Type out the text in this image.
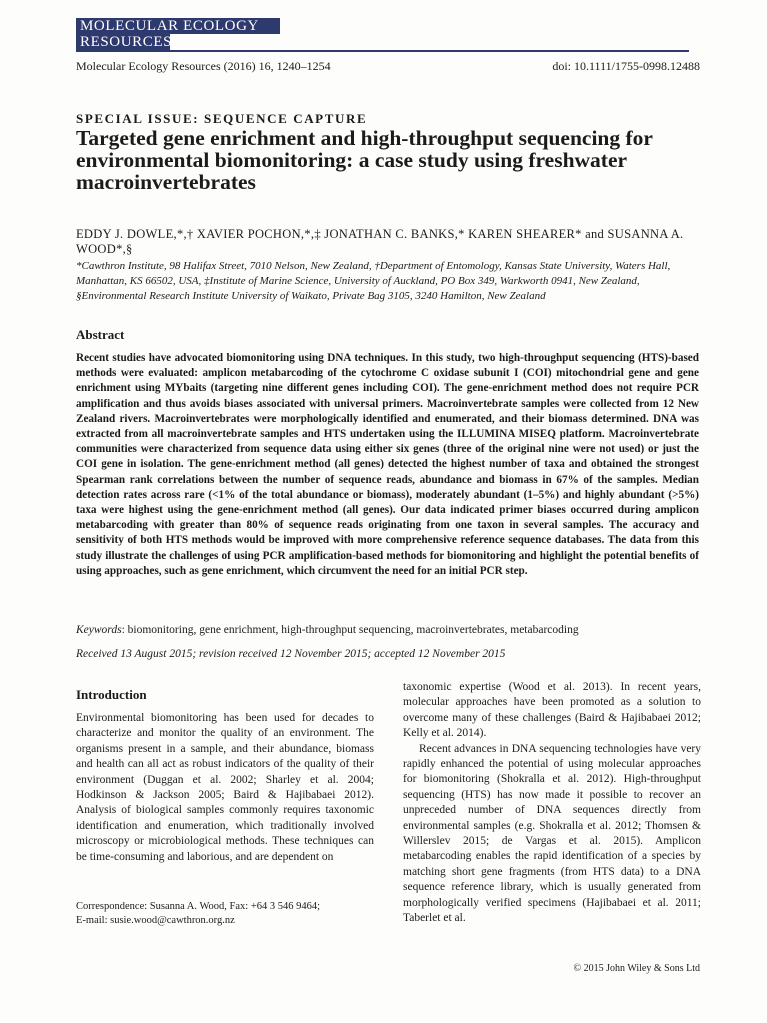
MOLECULAR ECOLOGY
RESOURCES
Molecular Ecology Resources (2016) 16, 1240–1254	doi: 10.1111/1755-0998.12488
SPECIAL ISSUE: SEQUENCE CAPTURE
Targeted gene enrichment and high-throughput sequencing for environmental biomonitoring: a case study using freshwater macroinvertebrates
EDDY J. DOWLE,*,† XAVIER POCHON,*,‡ JONATHAN C. BANKS,* KAREN SHEARER* and SUSANNA A. WOOD*,§
*Cawthron Institute, 98 Halifax Street, 7010 Nelson, New Zealand, †Department of Entomology, Kansas State University, Waters Hall, Manhattan, KS 66502, USA, ‡Institute of Marine Science, University of Auckland, PO Box 349, Warkworth 0941, New Zealand, §Environmental Research Institute University of Waikato, Private Bag 3105, 3240 Hamilton, New Zealand
Abstract

Recent studies have advocated biomonitoring using DNA techniques. In this study, two high-throughput sequencing (HTS)-based methods were evaluated: amplicon metabarcoding of the cytochrome C oxidase subunit I (COI) mitochondrial gene and gene enrichment using MYbaits (targeting nine different genes including COI). The gene-enrichment method does not require PCR amplification and thus avoids biases associated with universal primers. Macroinvertebrate samples were collected from 12 New Zealand rivers. Macroinvertebrates were morphologically identified and enumerated, and their biomass determined. DNA was extracted from all macroinvertebrate samples and HTS undertaken using the ILLUMINA MISEQ platform. Macroinvertebrate communities were characterized from sequence data using either six genes (three of the original nine were not used) or just the COI gene in isolation. The gene-enrichment method (all genes) detected the highest number of taxa and obtained the strongest Spearman rank correlations between the number of sequence reads, abundance and biomass in 67% of the samples. Median detection rates across rare (<1% of the total abundance or biomass), moderately abundant (1–5%) and highly abundant (>5%) taxa were highest using the gene-enrichment method (all genes). Our data indicated primer biases occurred during amplicon metabarcoding with greater than 80% of sequence reads originating from one taxon in several samples. The accuracy and sensitivity of both HTS methods would be improved with more comprehensive reference sequence databases. The data from this study illustrate the challenges of using PCR amplification-based methods for biomonitoring and highlight the potential benefits of using approaches, such as gene enrichment, which circumvent the need for an initial PCR step.

Keywords: biomonitoring, gene enrichment, high-throughput sequencing, macroinvertebrates, metabarcoding
Received 13 August 2015; revision received 12 November 2015; accepted 12 November 2015
Introduction

Environmental biomonitoring has been used for decades to characterize and monitor the quality of an environment. The organisms present in a sample, and their abundance, biomass and health can all act as robust indicators of the quality of their environment (Duggan et al. 2002; Sharley et al. 2004; Hodkinson & Jackson 2005; Baird & Hajibabaei 2012). Analysis of biological samples commonly requires taxonomic identification and enumeration, which traditionally involved microscopy or microbiological methods. These techniques can be time-consuming and laborious, and are dependent on

taxonomic expertise (Wood et al. 2013). In recent years, molecular approaches have been promoted as a solution to overcome many of these challenges (Baird & Hajibabaei 2012; Kelly et al. 2014).

Recent advances in DNA sequencing technologies have very rapidly enhanced the potential of using molecular approaches for biomonitoring (Shokralla et al. 2012). High-throughput sequencing (HTS) has now made it possible to recover an unpreceded number of DNA sequences directly from environmental samples (e.g. Shokralla et al. 2012; Thomsen & Willerslev 2015; de Vargas et al. 2015). Amplicon metabarcoding enables the rapid identification of a species by matching short gene fragments (from HTS data) to a DNA sequence reference library, which is usually generated from morphologically verified specimens (Hajibabaei et al. 2011; Taberlet et al.

Correspondence: Susanna A. Wood, Fax: +64 3 546 9464;
E-mail: susie.wood@cawthron.org.nz
© 2015 John Wiley & Sons Ltd
